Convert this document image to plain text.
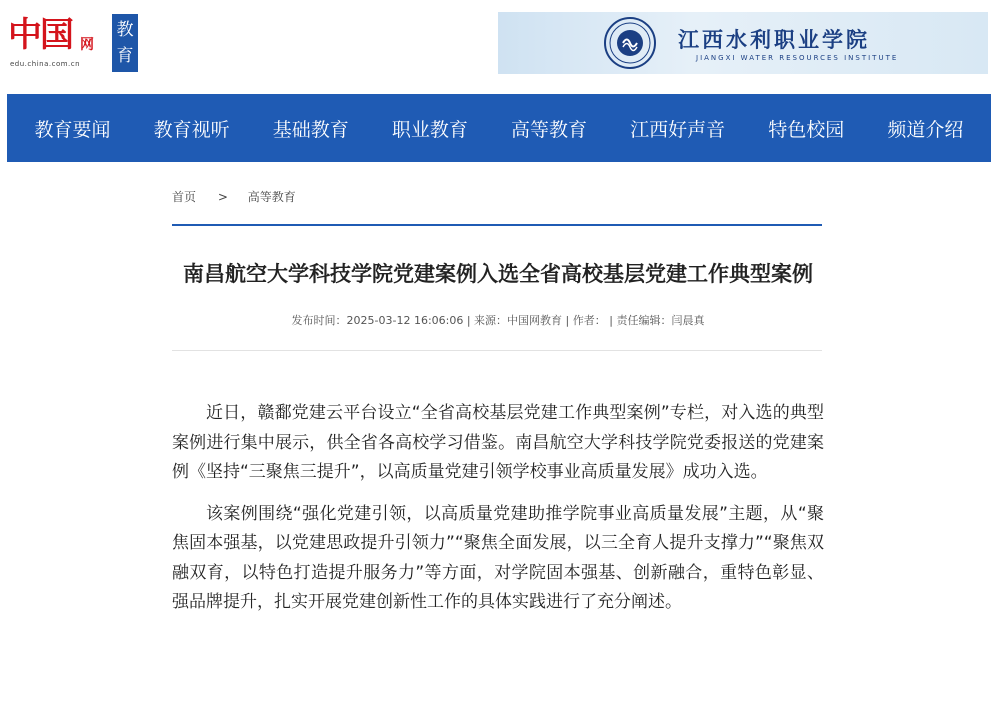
中国 网
edu.china.com.cn
教育
江西水利职业学院
JIANGXI WATER RESOURCES INSTITUTE
教育要闻 教育视听 基础教育 职业教育 高等教育 江西好声音 特色校园 频道介绍
首页 > 高等教育
南昌航空大学科技学院党建案例入选全省高校基层党建工作典型案例
发布时间：2025-03-12 16:06:06 | 来源：中国网教育 | 作者： | 责任编辑：闫晨真

近日，赣鄱党建云平台设立“全省高校基层党建工作典型案例”专栏，对入选的典型案例进行集中展示，供全省各高校学习借鉴。南昌航空大学科技学院党委报送的党建案例《坚持“三聚焦三提升”，以高质量党建引领学校事业高质量发展》成功入选。

该案例围绕“强化党建引领，以高质量党建助推学院事业高质量发展”主题，从“聚焦固本强基，以党建思政提升引领力”“聚焦全面发展，以三全育人提升支撑力”“聚焦双融双育，以特色打造提升服务力”等方面，对学院固本强基、创新融合，重特色彰显、强品牌提升，扎实开展党建创新性工作的具体实践进行了充分阐述。
